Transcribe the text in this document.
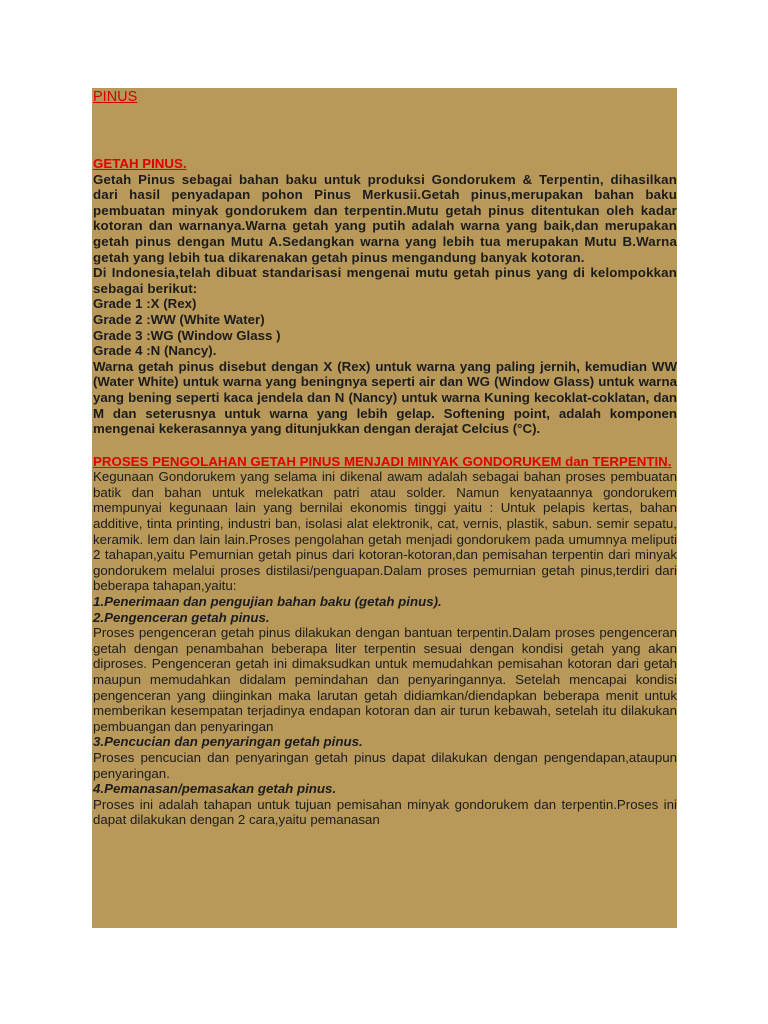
PINUS

GETAH PINUS.

Getah Pinus sebagai bahan baku untuk produksi Gondorukem & Terpentin, dihasilkan dari hasil penyadapan pohon Pinus Merkusii.Getah pinus,merupakan bahan baku pembuatan minyak gondorukem dan terpentin.Mutu getah pinus ditentukan oleh kadar kotoran dan warnanya.Warna getah yang putih adalah warna yang baik,dan merupakan getah pinus dengan Mutu A.Sedangkan warna yang lebih tua merupakan Mutu B.Warna getah yang lebih tua dikarenakan getah pinus mengandung banyak kotoran.

Di Indonesia,telah dibuat standarisasi mengenai mutu getah pinus yang di kelompokkan sebagai berikut:

Grade 1 :X (Rex)

Grade 2 :WW (White Water)

Grade 3 :WG (Window Glass )

Grade 4 :N (Nancy).

Warna getah pinus disebut dengan X (Rex) untuk warna yang paling jernih, kemudian WW (Water White) untuk warna yang beningnya seperti air dan WG (Window Glass) untuk warna yang bening seperti kaca jendela dan N (Nancy) untuk warna Kuning kecoklat-coklatan, dan M dan seterusnya untuk warna yang lebih gelap. Softening point, adalah komponen mengenai kekerasannya yang ditunjukkan dengan derajat Celcius (°C).

PROSES PENGOLAHAN GETAH PINUS MENJADI MINYAK GONDORUKEM dan TERPENTIN.

Kegunaan Gondorukem yang selama ini dikenal awam adalah sebagai bahan proses pembuatan batik dan bahan untuk melekatkan patri atau solder. Namun kenyataannya gondorukem mempunyai kegunaan lain yang bernilai ekonomis tinggi yaitu : Untuk pelapis kertas, bahan additive, tinta printing, industri ban, isolasi alat elektronik, cat, vernis, plastik, sabun. semir sepatu, keramik. lem dan lain lain.Proses pengolahan getah menjadi gondorukem pada umumnya meliputi 2 tahapan,yaitu Pemurnian getah pinus dari kotoran-kotoran,dan pemisahan terpentin dari minyak gondorukem melalui proses distilasi/penguapan.Dalam proses pemurnian getah pinus,terdiri dari beberapa tahapan,yaitu:

1.Penerimaan dan pengujian bahan baku (getah pinus).

2.Pengenceran getah pinus.

Proses pengenceran getah pinus dilakukan dengan bantuan terpentin.Dalam proses pengenceran getah dengan penambahan beberapa liter terpentin sesuai dengan kondisi getah yang akan diproses. Pengenceran getah ini dimaksudkan untuk memudahkan pemisahan kotoran dari getah maupun memudahkan didalam pemindahan dan penyaringannya. Setelah mencapai kondisi pengenceran yang diinginkan maka larutan getah didiamkan/diendapkan beberapa menit untuk memberikan kesempatan terjadinya endapan kotoran dan air turun kebawah, setelah itu dilakukan pembuangan dan penyaringan

3.Pencucian dan penyaringan getah pinus.

Proses pencucian dan penyaringan getah pinus dapat dilakukan dengan pengendapan,ataupun penyaringan.

4.Pemanasan/pemasakan getah pinus.

Proses ini adalah tahapan untuk tujuan pemisahan minyak gondorukem dan terpentin.Proses ini dapat dilakukan dengan 2 cara,yaitu pemanasan
